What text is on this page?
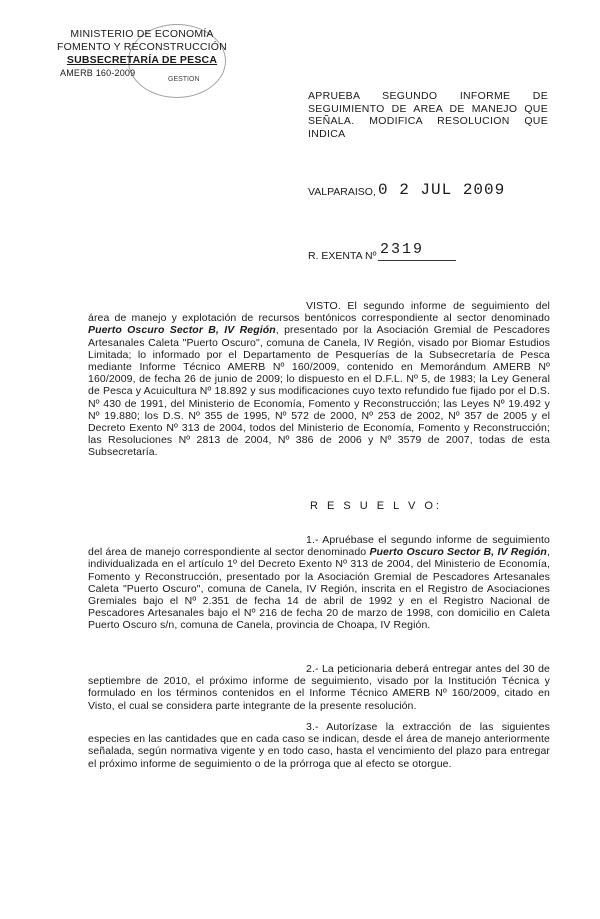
GESTION
MINISTERIO DE ECONOMÍA
FOMENTO Y RECONSTRUCCIÓN
SUBSECRETARÍA DE PESCA
AMERB 160-2009
APRUEBA SEGUNDO INFORME DE
SEGUIMIENTO DE AREA DE MANEJO QUE
SEÑALA. MODIFICA RESOLUCION QUE
INDICA
VALPARAISO, 0 2 JUL 2009
R. EXENTA Nº 2319
VISTO. El segundo informe de seguimiento del área de manejo y explotación de recursos bentónicos correspondiente al sector denominado Puerto Oscuro Sector B, IV Región, presentado por la Asociación Gremial de Pescadores Artesanales Caleta "Puerto Oscuro", comuna de Canela, IV Región, visado por Biomar Estudios Limitada; lo informado por el Departamento de Pesquerías de la Subsecretaría de Pesca mediante Informe Técnico AMERB Nº 160/2009, contenido en Memorándum AMERB Nº 160/2009, de fecha 26 de junio de 2009; lo dispuesto en el D.F.L. Nº 5, de 1983; la Ley General de Pesca y Acuicultura Nº 18.892 y sus modificaciones cuyo texto refundido fue fijado por el D.S. Nº 430 de 1991, del Ministerio de Economía, Fomento y Reconstrucción; las Leyes Nº 19.492 y Nº 19.880; los D.S. Nº 355 de 1995, Nº 572 de 2000, Nº 253 de 2002, Nº 357 de 2005 y el Decreto Exento Nº 313 de 2004, todos del Ministerio de Economía, Fomento y Reconstrucción; las Resoluciones Nº 2813 de 2004, Nº 386 de 2006 y Nº 3579 de 2007, todas de esta Subsecretaría.
R E S U E L V O:
1.- Apruébase el segundo informe de seguimiento del área de manejo correspondiente al sector denominado Puerto Oscuro Sector B, IV Región, individualizada en el artículo 1º del Decreto Exento Nº 313 de 2004, del Ministerio de Economía, Fomento y Reconstrucción, presentado por la Asociación Gremial de Pescadores Artesanales Caleta "Puerto Oscuro", comuna de Canela, IV Región, inscrita en el Registro de Asociaciones Gremiales bajo el Nº 2.351 de fecha 14 de abril de 1992 y en el Registro Nacional de Pescadores Artesanales bajo el Nº 216 de fecha 20 de marzo de 1998, con domicilio en Caleta Puerto Oscuro s/n, comuna de Canela, provincia de Choapa, IV Región.
2.- La peticionaria deberá entregar antes del 30 de septiembre de 2010, el próximo informe de seguimiento, visado por la Institución Técnica y formulado en los términos contenidos en el Informe Técnico AMERB Nº 160/2009, citado en Visto, el cual se considera parte integrante de la presente resolución.
3.- Autorízase la extracción de las siguientes especies en las cantidades que en cada caso se indican, desde el área de manejo anteriormente señalada, según normativa vigente y en todo caso, hasta el vencimiento del plazo para entregar el próximo informe de seguimiento o de la prórroga que al efecto se otorgue.
